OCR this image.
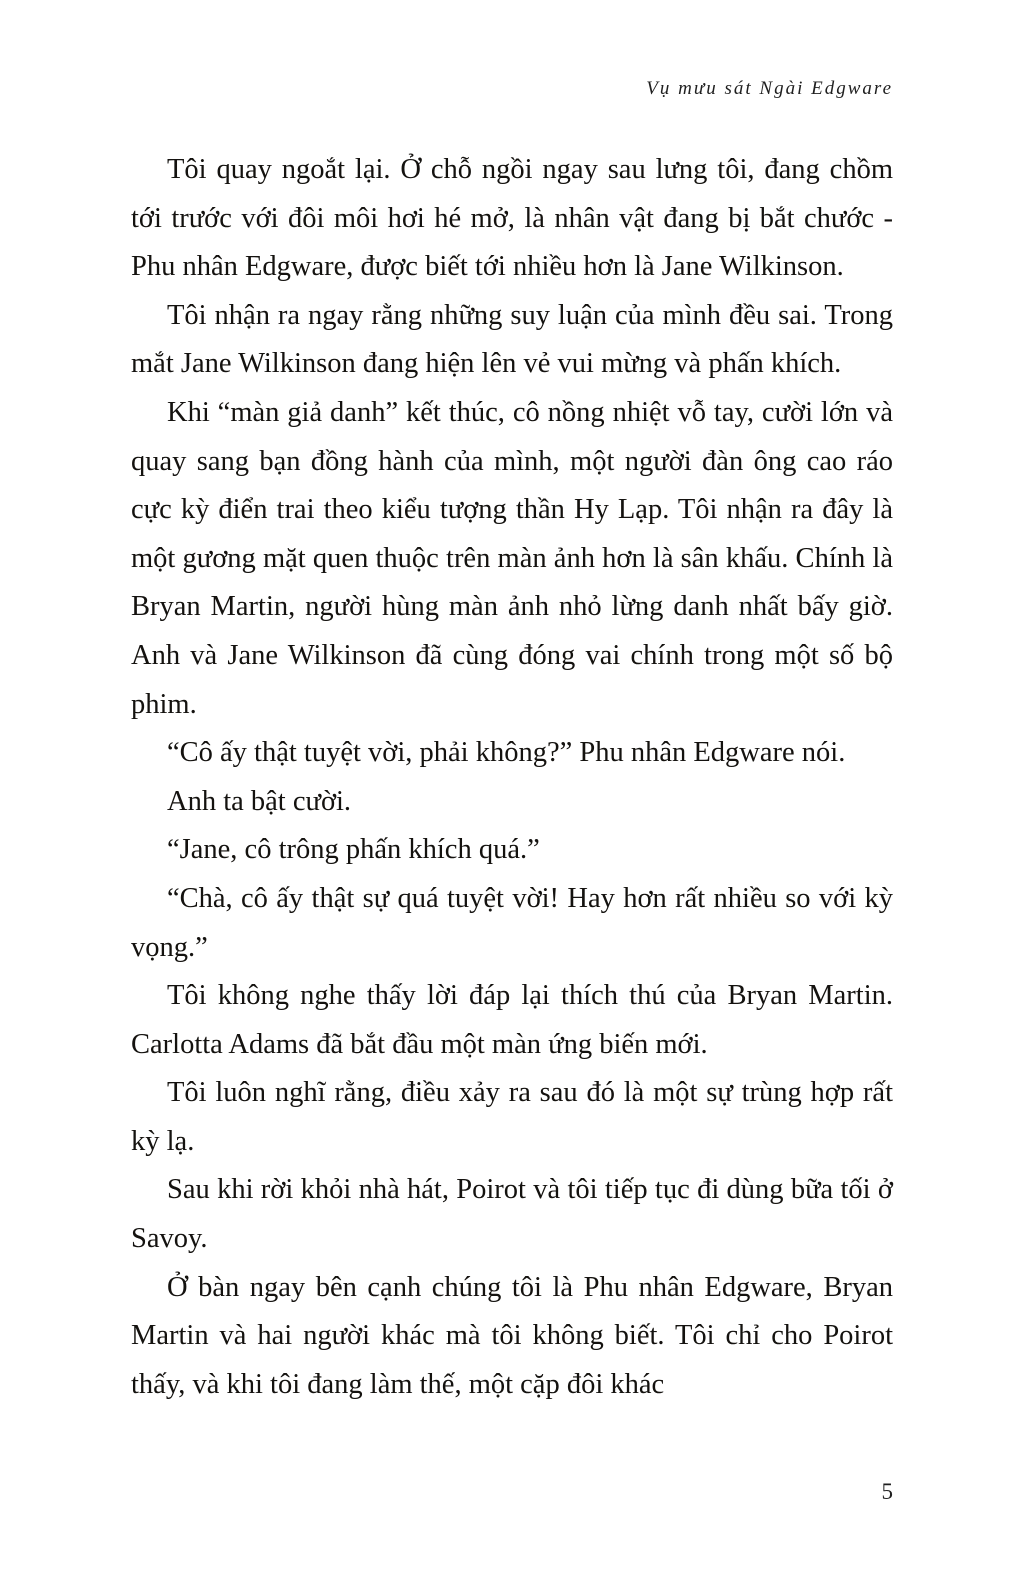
Vụ mưu sát Ngài Edgware

Tôi quay ngoắt lại. Ở chỗ ngồi ngay sau lưng tôi, đang chồm tới trước với đôi môi hơi hé mở, là nhân vật đang bị bắt chước - Phu nhân Edgware, được biết tới nhiều hơn là Jane Wilkinson.

Tôi nhận ra ngay rằng những suy luận của mình đều sai. Trong mắt Jane Wilkinson đang hiện lên vẻ vui mừng và phấn khích.

Khi “màn giả danh” kết thúc, cô nồng nhiệt vỗ tay, cười lớn và quay sang bạn đồng hành của mình, một người đàn ông cao ráo cực kỳ điển trai theo kiểu tượng thần Hy Lạp. Tôi nhận ra đây là một gương mặt quen thuộc trên màn ảnh hơn là sân khấu. Chính là Bryan Martin, người hùng màn ảnh nhỏ lừng danh nhất bấy giờ. Anh và Jane Wilkinson đã cùng đóng vai chính trong một số bộ phim.

“Cô ấy thật tuyệt vời, phải không?” Phu nhân Edgware nói.

Anh ta bật cười.

“Jane, cô trông phấn khích quá.”

“Chà, cô ấy thật sự quá tuyệt vời! Hay hơn rất nhiều so với kỳ vọng.”

Tôi không nghe thấy lời đáp lại thích thú của Bryan Martin. Carlotta Adams đã bắt đầu một màn ứng biến mới.

Tôi luôn nghĩ rằng, điều xảy ra sau đó là một sự trùng hợp rất kỳ lạ.

Sau khi rời khỏi nhà hát, Poirot và tôi tiếp tục đi dùng bữa tối ở Savoy.

Ở bàn ngay bên cạnh chúng tôi là Phu nhân Edgware, Bryan Martin và hai người khác mà tôi không biết. Tôi chỉ cho Poirot thấy, và khi tôi đang làm thế, một cặp đôi khác

5
